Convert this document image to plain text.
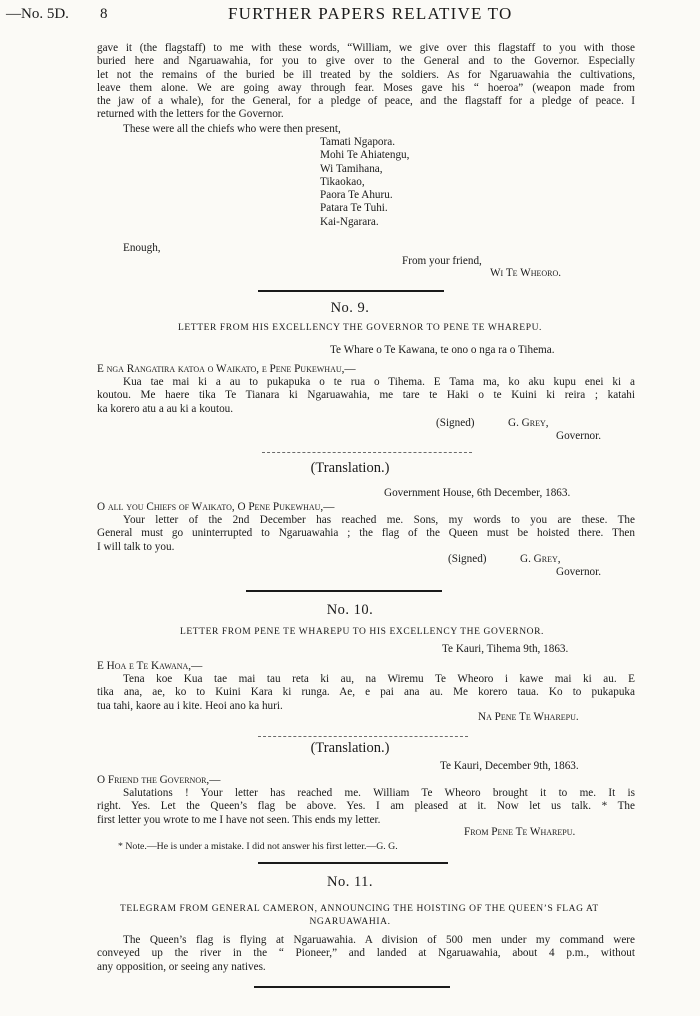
—No. 5D. 8	FURTHER PAPERS RELATIVE TO
gave it (the flagstaff) to me with these words, “William, we give over this flagstaff to you with those
buried here and Ngaruawahia, for you to give over to the General and to the Governor. Especially
let not the remains of the buried be ill treated by the soldiers. As for Ngaruawahia the cultivations,
leave them alone. We are going away through fear. Moses gave his “ hoeroa” (weapon made from
the jaw of a whale), for the General, for a pledge of peace, and the flagstaff for a pledge of peace. I
returned with the letters for the Governor.
These were all the chiefs who were then present,
Tamati Ngapora.
Mohi Te Ahiatengu,
Wi Tamihana,
Tikaokao,
Paora Te Ahuru.
Patara Te Tuhi.
Kai-Ngarara.
Enough,
From your friend,
Wi Te Wheoro.
No. 9.
LETTER FROM HIS EXCELLENCY THE GOVERNOR TO PENE TE WHAREPU.
Te Whare o Te Kawana, te ono o nga ra o Tihema.
E nga Rangatira katoa o Waikato, e Pene Pukewhau,—
Kua tae mai ki a au to pukapuka o te rua o Tihema. E Tama ma, ko aku kupu enei ki a
koutou. Me haere tika Te Tianara ki Ngaruawahia, me tare te Haki o te Kuini ki reira ; katahi
ka korero atu a au ki a koutou.
(Signed)	G. Grey,
Governor.
(Translation.)
Government House, 6th December, 1863.
O all you Chiefs of Waikato, O Pene Pukewhau,—
Your letter of the 2nd December has reached me. Sons, my words to you are these. The
General must go uninterrupted to Ngaruawahia ; the flag of the Queen must be hoisted there. Then
I will talk to you.
(Signed)	G. Grey,
Governor.
No. 10.
LETTER FROM PENE TE WHAREPU TO HIS EXCELLENCY THE GOVERNOR.
Te Kauri, Tihema 9th, 1863.
E Hoa e Te Kawana,—
Tena koe Kua tae mai tau reta ki au, na Wiremu Te Wheoro i kawe mai ki au. E
tika ana, ae, ko to Kuini Kara ki runga. Ae, e pai ana au. Me korero taua. Ko to pukapuka
tua tahi, kaore au i kite. Heoi ano ka huri.
Na Pene Te Wharepu.
(Translation.)
Te Kauri, December 9th, 1863.
O Friend the Governor,—
Salutations ! Your letter has reached me. William Te Wheoro brought it to me. It is
right. Yes. Let the Queen’s flag be above. Yes. I am pleased at it. Now let us talk. * The
first letter you wrote to me I have not seen. This ends my letter.
From Pene Te Wharepu.
* Note.—He is under a mistake. I did not answer his first letter.—G. G.
No. 11.
TELEGRAM FROM GENERAL CAMERON, ANNOUNCING THE HOISTING OF THE QUEEN’S FLAG AT
NGARUAWAHIA.
The Queen’s flag is flying at Ngaruawahia. A division of 500 men under my command were
conveyed up the river in the “ Pioneer,” and landed at Ngaruawahia, about 4 p.m., without
any opposition, or seeing any natives.
